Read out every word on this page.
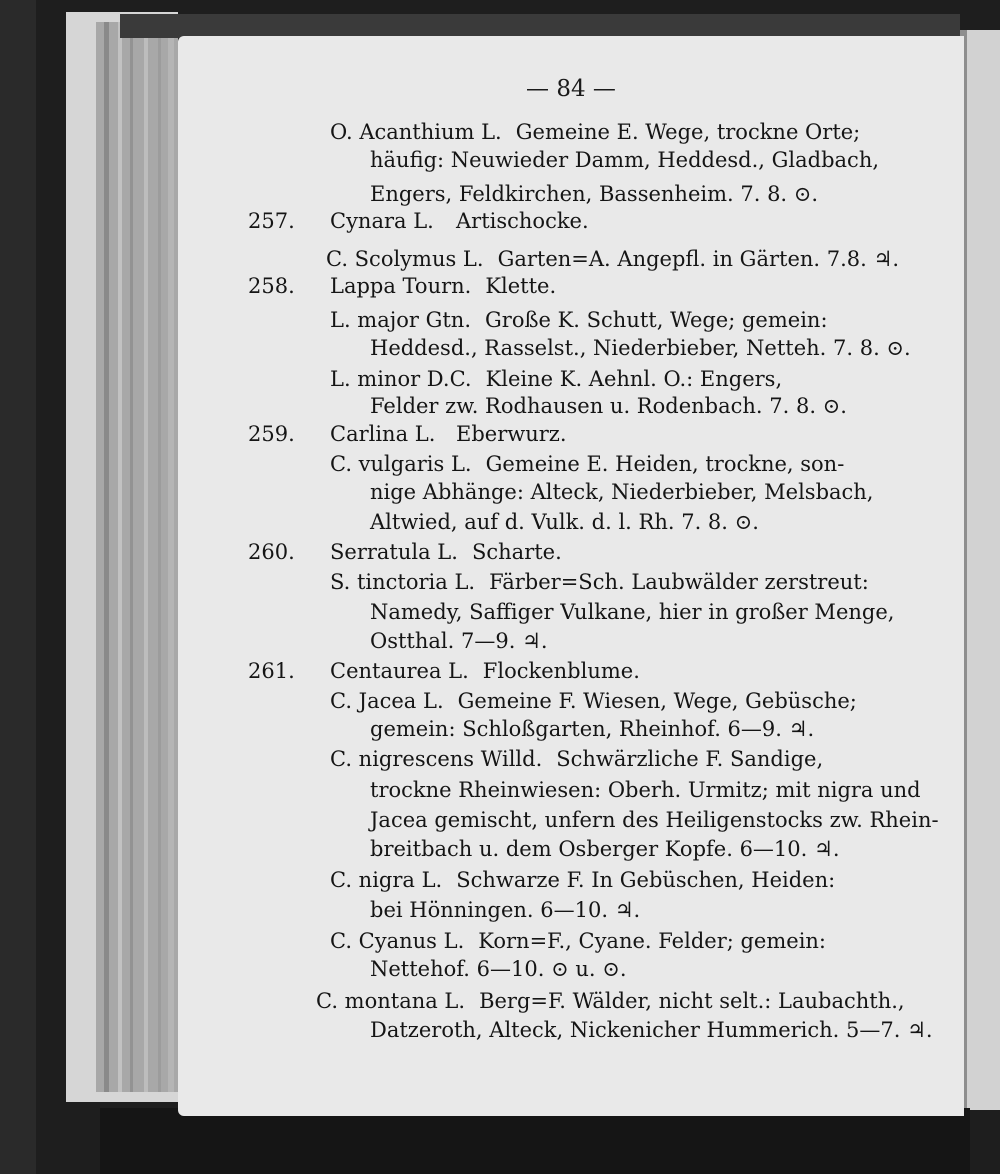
— 84 —
O. Acanthium L. Gemeine E. Wege, trockne Orte;
häufig: Neuwieder Damm, Heddesd., Gladbach,
Engers, Feldkirchen, Bassenheim. 7. 8. ⊙.
257. Cynara L. Artischocke.
C. Scolymus L. Garten=A. Angepfl. in Gärten. 7.8. ♃.
258. Lappa Tourn. Klette.
L. major Gtn. Große K. Schutt, Wege; gemein:
Heddesd., Rasselst., Niederbieber, Netteh. 7. 8. ⊙.
L. minor D.C. Kleine K. Aehnl. O.: Engers,
Felder zw. Rodhausen u. Rodenbach. 7. 8. ⊙.
259. Carlina L. Eberwurz.
C. vulgaris L. Gemeine E. Heiden, trockne, son-
nige Abhänge: Alteck, Niederbieber, Melsbach,
Altwied, auf d. Vulk. d. l. Rh. 7. 8. ⊙.
260. Serratula L. Scharte.
S. tinctoria L. Färber=Sch. Laubwälder zerstreut:
Namedy, Saffiger Vulkane, hier in großer Menge,
Ostthal. 7—9. ♃.
261. Centaurea L. Flockenblume.
C. Jacea L. Gemeine F. Wiesen, Wege, Gebüsche;
gemein: Schloßgarten, Rheinhof. 6—9. ♃.
C. nigrescens Willd. Schwärzliche F. Sandige,
trockne Rheinwiesen: Oberh. Urmitz; mit nigra und
Jacea gemischt, unfern des Heiligenstocks zw. Rhein-
breitbach u. dem Osberger Kopfe. 6—10. ♃.
C. nigra L. Schwarze F. In Gebüschen, Heiden:
bei Hönningen. 6—10. ♃.
C. Cyanus L. Korn=F., Cyane. Felder; gemein:
Nettehof. 6—10. ⊙ u. ⊙.
C. montana L. Berg=F. Wälder, nicht selt.: Laubachth.,
Datzeroth, Alteck, Nickenicher Hummerich. 5—7. ♃.
